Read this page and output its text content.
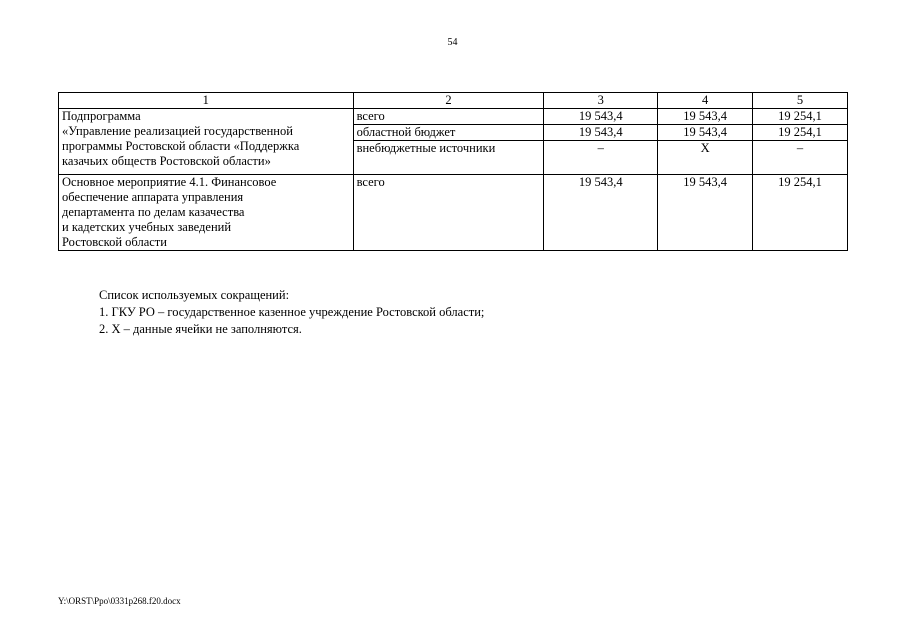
54
1	2	3	4	5

Подпрограмма
«Управление реализацией государственной
программы Ростовской области «Поддержка
казачьих обществ Ростовской области»	всего	19 543,4	19 543,4	19 254,1
	областной бюджет	19 543,4	19 543,4	19 254,1
	внебюджетные источники	–	Х	–

Основное мероприятие 4.1. Финансовое
обеспечение аппарата управления
департамента по делам казачества
и кадетских учебных заведений
Ростовской области	всего	19 543,4	19 543,4	19 254,1
Список используемых сокращений:
1. ГКУ РО – государственное казенное учреждение Ростовской области;
2. Х – данные ячейки не заполняются.
Y:\ORST\Ppo\0331p268.f20.docx
